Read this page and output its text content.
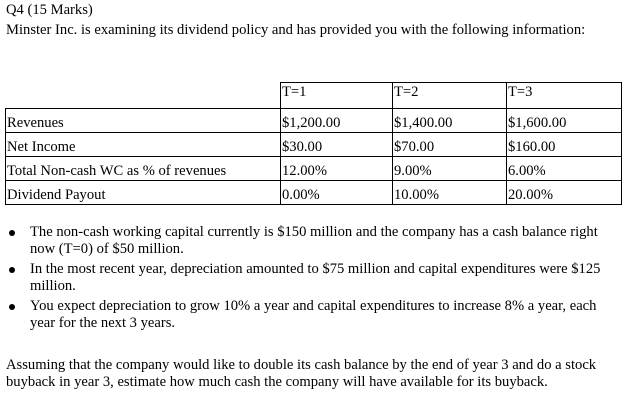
Q4 (15 Marks)
Minster Inc. is examining its dividend policy and has provided you with the following information:
	T=1	T=2	T=3
Revenues	$1,200.00	$1,400.00	$1,600.00
Net Income	$30.00	$70.00	$160.00
Total Non-cash WC as % of revenues	12.00%	9.00%	6.00%
Dividend Payout	0.00%	10.00%	20.00%
The non-cash working capital currently is $150 million and the company has a cash balance right now (T=0) of $50 million.
In the most recent year, depreciation amounted to $75 million and capital expenditures were $125 million.
You expect depreciation to grow 10% a year and capital expenditures to increase 8% a year, each year for the next 3 years.
Assuming that the company would like to double its cash balance by the end of year 3 and do a stock buyback in year 3, estimate how much cash the company will have available for its buyback.
